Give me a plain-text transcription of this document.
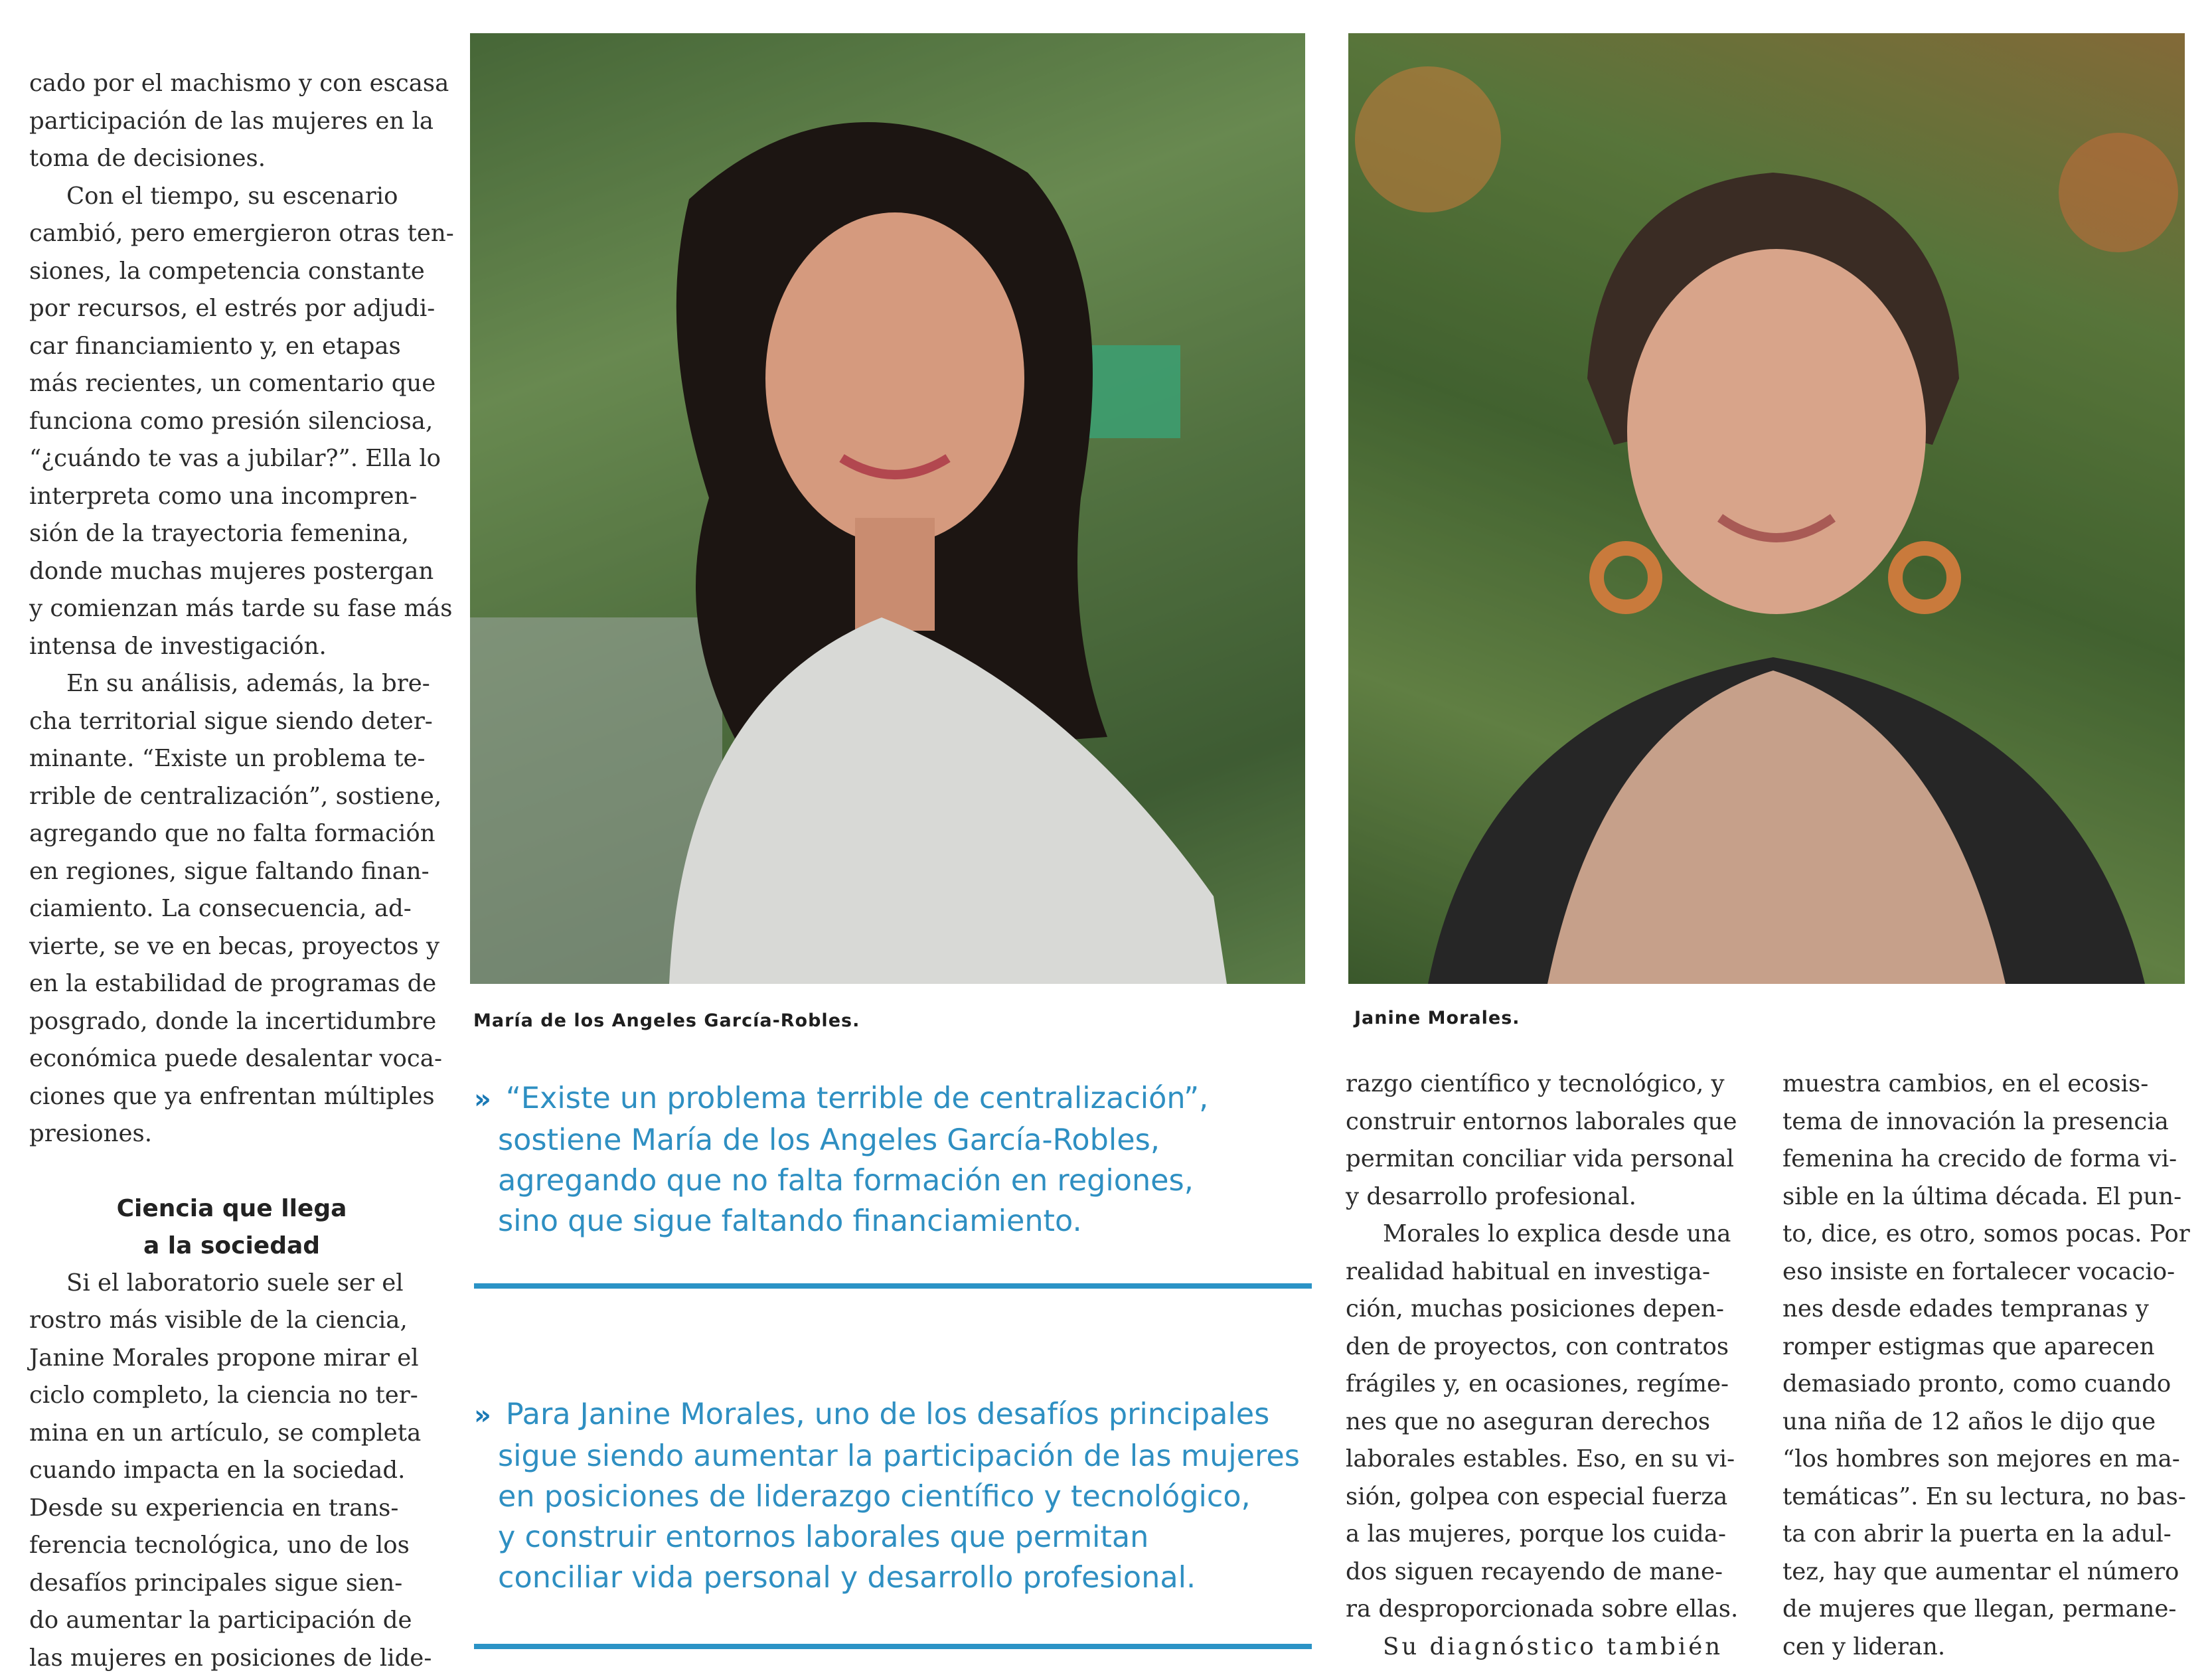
cado por el machismo y con escasa

participación de las mujeres en la

toma de decisiones.

Con el tiempo, su escenario

cambió, pero emergieron otras ten-

siones, la competencia constante

por recursos, el estrés por adjudi-

car financiamiento y, en etapas

más recientes, un comentario que

funciona como presión silenciosa,

“¿cuándo te vas a jubilar?”. Ella lo

interpreta como una incompren-

sión de la trayectoria femenina,

donde muchas mujeres postergan

y comienzan más tarde su fase más

intensa de investigación.

En su análisis, además, la bre-

cha territorial sigue siendo deter-

minante. “Existe un problema te-

rrible de centralización”, sostiene,

agregando que no falta formación

en regiones, sigue faltando finan-

ciamiento. La consecuencia, ad-

vierte, se ve en becas, proyectos y

en la estabilidad de programas de

posgrado, donde la incertidumbre

económica puede desalentar voca-

ciones que ya enfrentan múltiples

presiones.

Ciencia que llega

a la sociedad

Si el laboratorio suele ser el

rostro más visible de la ciencia,

Janine Morales propone mirar el

ciclo completo, la ciencia no ter-

mina en un artículo, se completa

cuando impacta en la sociedad.

Desde su experiencia en trans-

ferencia tecnológica, uno de los

desafíos principales sigue sien-

do aumentar la participación de

las mujeres en posiciones de lide-

María de los Angeles García-Robles.	Janine Morales.

» “Existe un problema terrible de centralización”,

sostiene María de los Angeles García-Robles,

agregando que no falta formación en regiones,

sino que sigue faltando financiamiento.

» Para Janine Morales, uno de los desafíos principales

sigue siendo aumentar la participación de las mujeres

en posiciones de liderazgo científico y tecnológico,

y construir entornos laborales que permitan

conciliar vida personal y desarrollo profesional.

razgo científico y tecnológico, y

construir entornos laborales que

permitan conciliar vida personal

y desarrollo profesional.

Morales lo explica desde una

realidad habitual en investiga-

ción, muchas posiciones depen-

den de proyectos, con contratos

frágiles y, en ocasiones, regíme-

nes que no aseguran derechos

laborales estables. Eso, en su vi-

sión, golpea con especial fuerza

a las mujeres, porque los cuida-

dos siguen recayendo de mane-

ra desproporcionada sobre ellas.

Su diagnóstico también

muestra cambios, en el ecosis-

tema de innovación la presencia

femenina ha crecido de forma vi-

sible en la última década. El pun-

to, dice, es otro, somos pocas. Por

eso insiste en fortalecer vocacio-

nes desde edades tempranas y

romper estigmas que aparecen

demasiado pronto, como cuando

una niña de 12 años le dijo que

“los hombres son mejores en ma-

temáticas”. En su lectura, no bas-

ta con abrir la puerta en la adul-

tez, hay que aumentar el número

de mujeres que llegan, permane-

cen y lideran.
